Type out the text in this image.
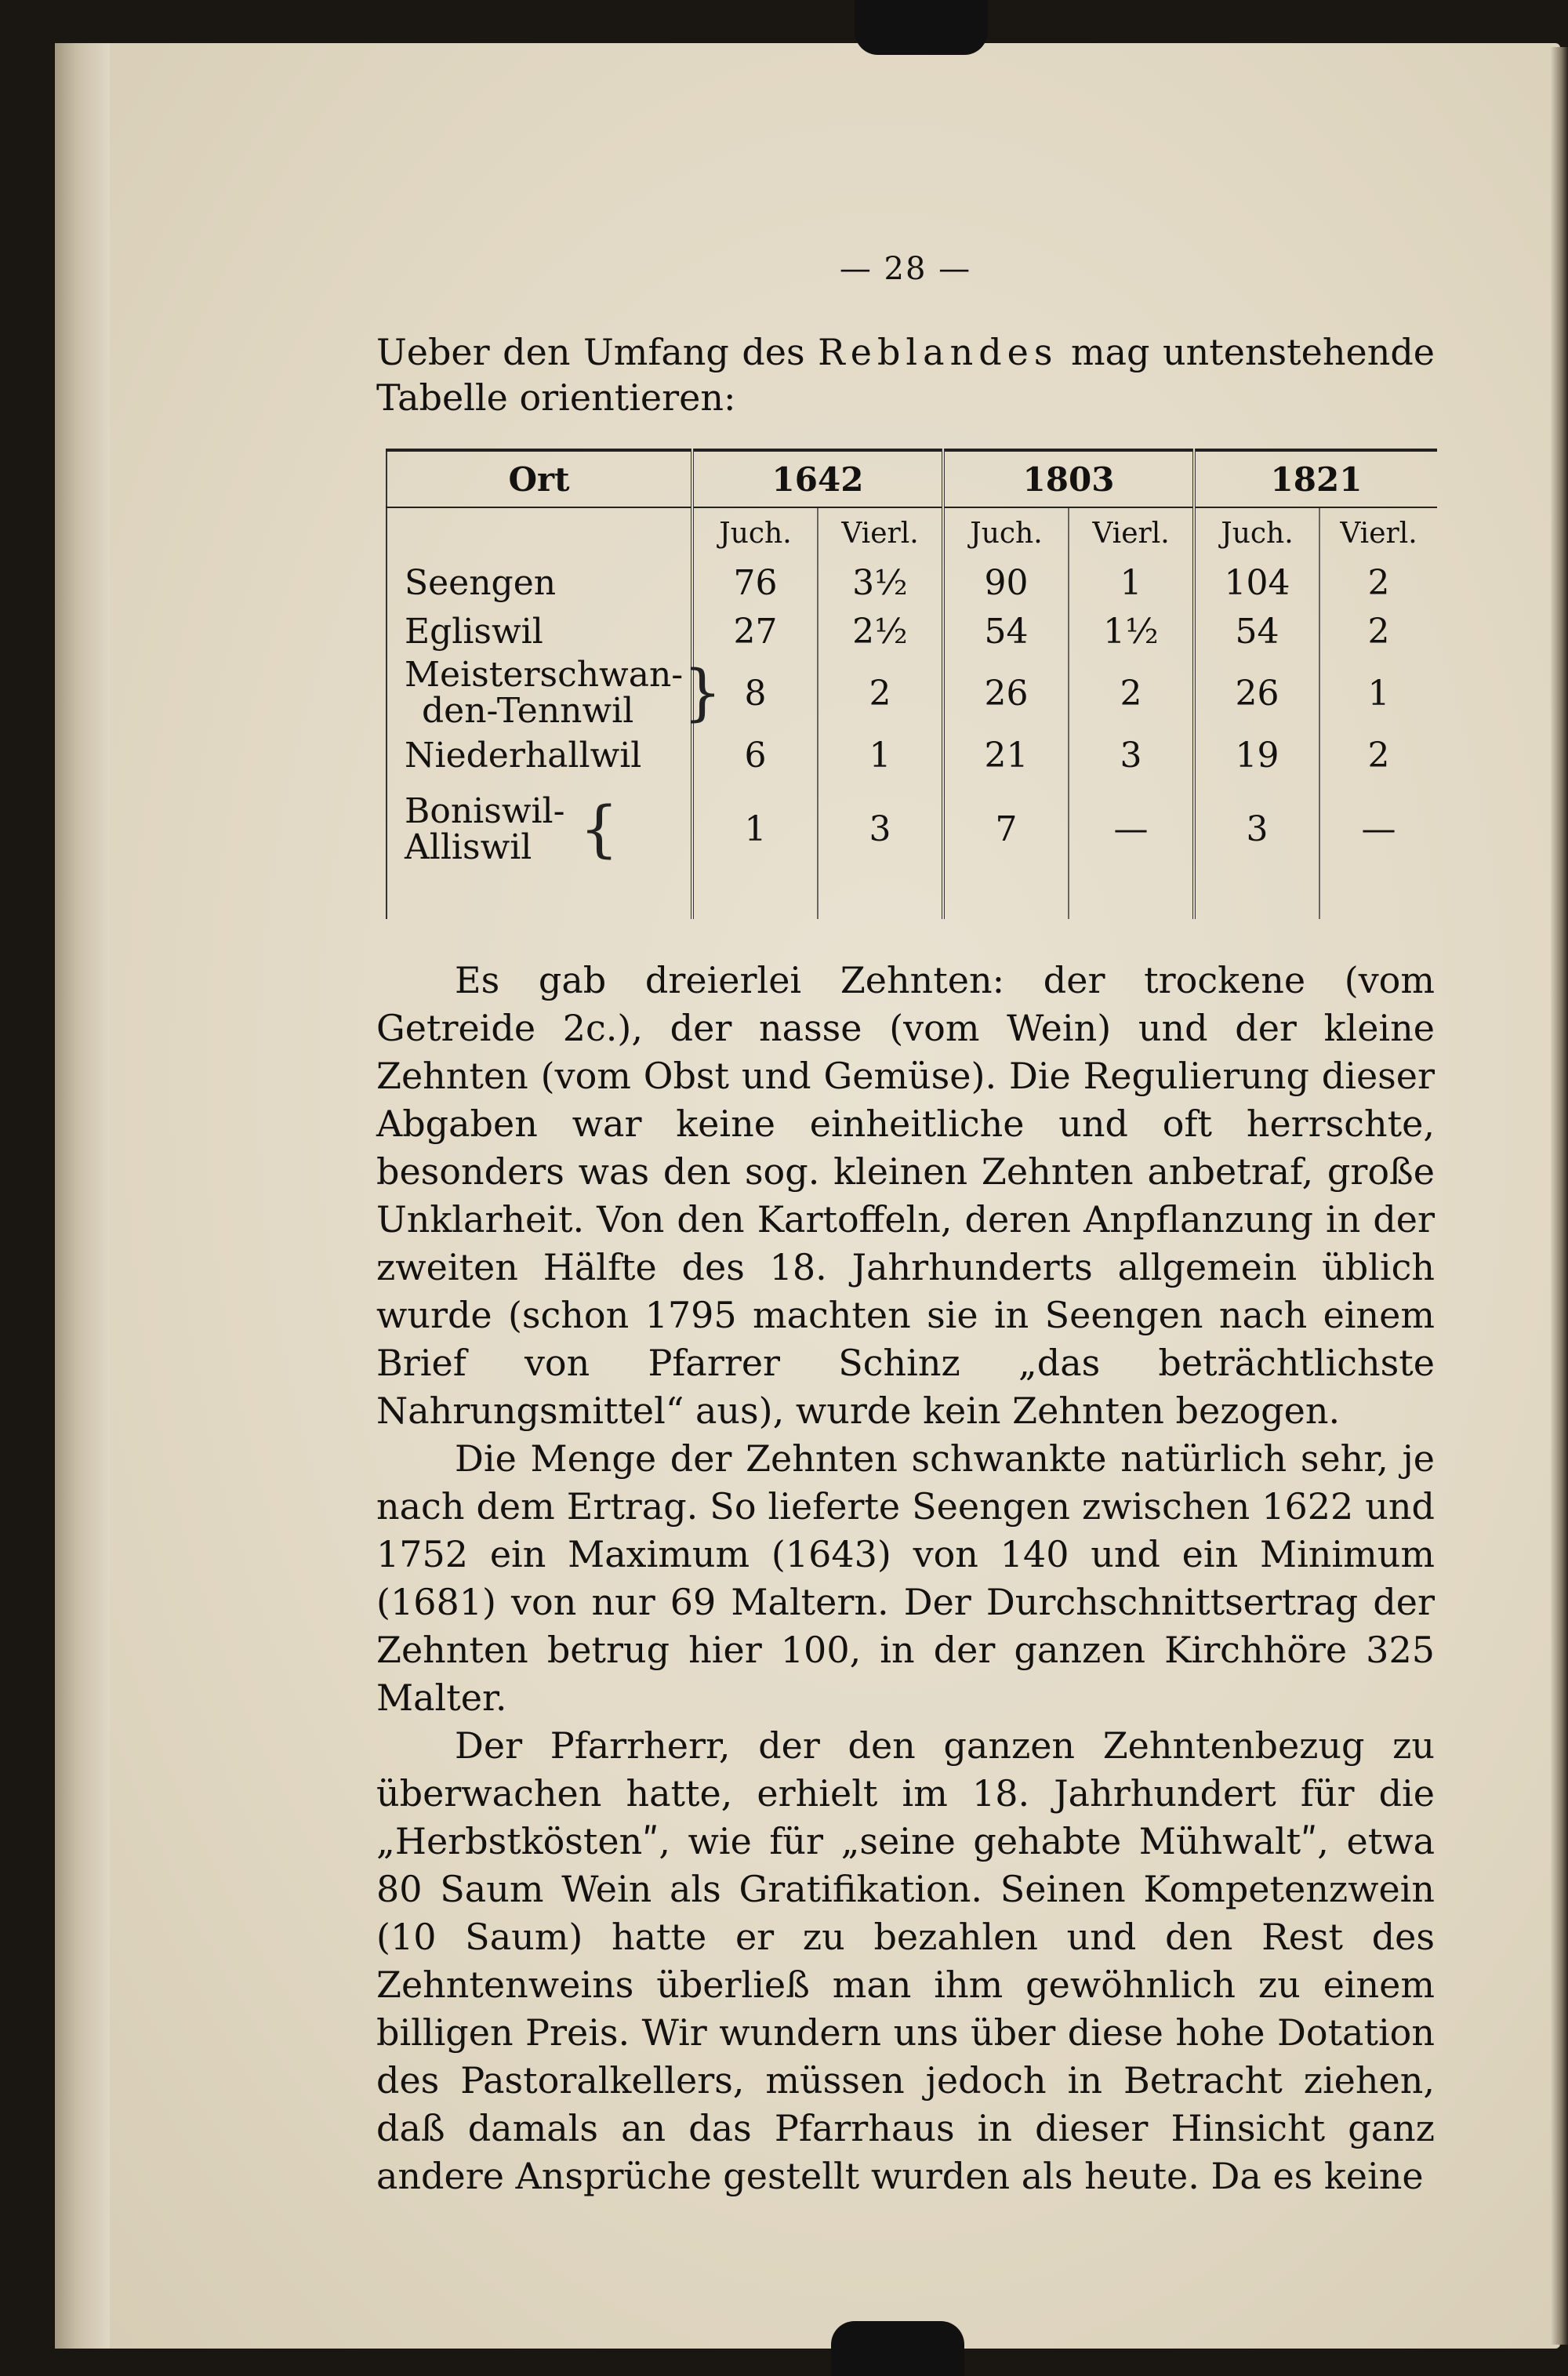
— 28 —
Ueber den Umfang des Reblandes mag untenstehende Tabelle orientieren:
Ort	1642		1803		1821	
	Juch.	Vierl.	Juch.	Vierl.	Juch.	Vierl.
Seengen	76	3½	90	1	104	2
Egliswil	27	2½	54	1½	54	2

Meisterschwan-
den-Tennwil }	8	2	26	2	26	1
Niederhallwil	6	1	21	3	19	2

Boniswil-
Alliswil {	1	3	7	—	3	—

Es gab dreierlei Zehnten: der trockene (vom Getreide 2c.), der nasse (vom Wein) und der kleine Zehnten (vom Obst und Gemüse). Die Regulierung dieser Abgaben war keine einheitliche und oft herrschte, besonders was den sog. kleinen Zehnten anbetraf, große Unklarheit. Von den Kartoffeln, deren Anpflanzung in der zweiten Hälfte des 18. Jahrhunderts allgemein üblich wurde (schon 1795 machten sie in Seengen nach einem Brief von Pfarrer Schinz „das beträchtlichste Nahrungsmittel“ aus), wurde kein Zehnten bezogen.

Die Menge der Zehnten schwankte natürlich sehr, je nach dem Ertrag. So lieferte Seengen zwischen 1622 und 1752 ein Maximum (1643) von 140 und ein Minimum (1681) von nur 69 Maltern. Der Durchschnittsertrag der Zehnten betrug hier 100, in der ganzen Kirchhöre 325 Malter.

Der Pfarrherr, der den ganzen Zehntenbezug zu überwachen hatte, erhielt im 18. Jahrhundert für die „Herbstköstenʺ, wie für „seine gehabte Mühwaltʺ, etwa 80 Saum Wein als Gratifikation. Seinen Kompetenzwein (10 Saum) hatte er zu bezahlen und den Rest des Zehntenweins überließ man ihm gewöhnlich zu einem billigen Preis. Wir wundern uns über diese hohe Dotation des Pastoralkellers, müssen jedoch in Betracht ziehen, daß damals an das Pfarrhaus in dieser Hinsicht ganz andere Ansprüche gestellt wurden als heute. Da es keine
